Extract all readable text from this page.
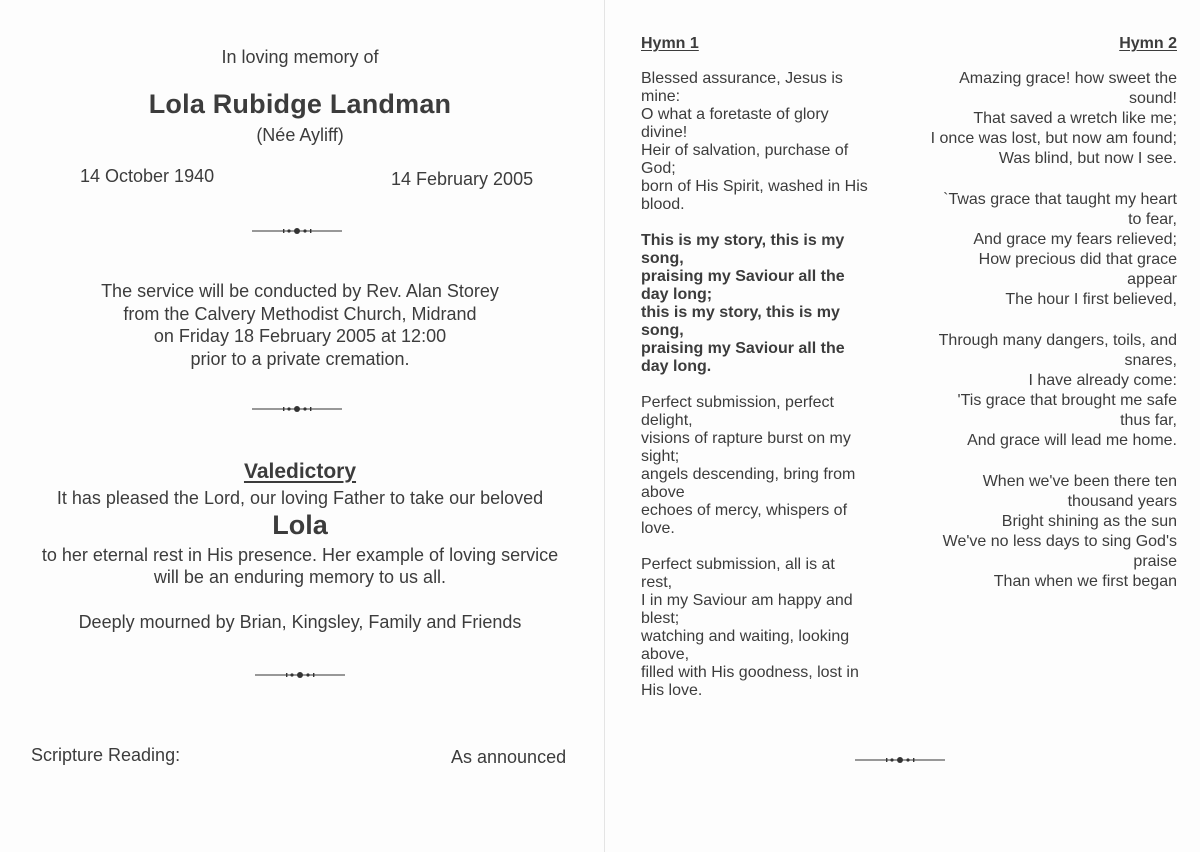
In loving memory of
Lola Rubidge Landman
(Née Ayliff)
14 October 1940	14 February 2005
The service will be conducted by Rev. Alan Storey
from the Calvery Methodist Church, Midrand
on Friday 18 February 2005 at 12:00
prior to a private cremation.
Valedictory
It has pleased the Lord, our loving Father to take our beloved
Lola
to her eternal rest in His presence. Her example of loving service
will be an enduring memory to us all.
Deeply mourned by Brian, Kingsley, Family and Friends
Scripture Reading:	As announced
Hymn 1
Blessed assurance, Jesus is
mine:
O what a foretaste of glory
divine!
Heir of salvation, purchase of
God;
born of His Spirit, washed in His
blood.
This is my story, this is my
song,
praising my Saviour all the
day long;
this is my story, this is my
song,
praising my Saviour all the
day long.
Perfect submission, perfect
delight,
visions of rapture burst on my
sight;
angels descending, bring from
above
echoes of mercy, whispers of
love.
Perfect submission, all is at
rest,
I in my Saviour am happy and
blest;
watching and waiting, looking
above,
filled with His goodness, lost in
His love.
Hymn 2
Amazing grace! how sweet the
sound!
That saved a wretch like me;
I once was lost, but now am found;
Was blind, but now I see.
`Twas grace that taught my heart
to fear,
And grace my fears relieved;
How precious did that grace
appear
The hour I first believed,
Through many dangers, toils, and
snares,
I have already come:
'Tis grace that brought me safe
thus far,
And grace will lead me home.
When we've been there ten
thousand years
Bright shining as the sun
We've no less days to sing God's
praise
Than when we first began
